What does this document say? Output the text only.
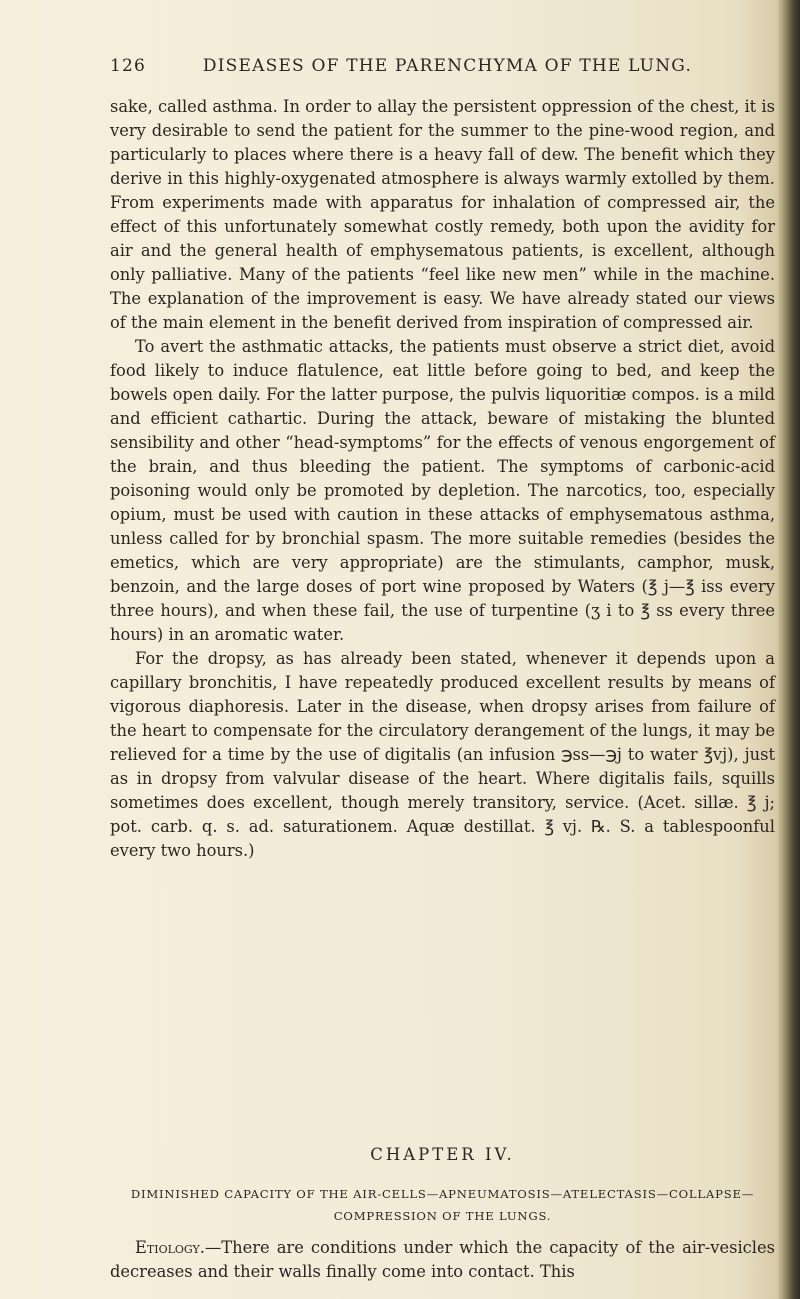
126	DISEASES OF THE PARENCHYMA OF THE LUNG.

sake, called asthma. In order to allay the persistent oppression of the chest, it is very desirable to send the patient for the summer to the pine-wood region, and particularly to places where there is a heavy fall of dew. The benefit which they derive in this highly-oxygenated atmosphere is always warmly extolled by them. From experiments made with apparatus for inhalation of compressed air, the effect of this unfortunately somewhat costly remedy, both upon the avidity for air and the general health of emphysematous patients, is excellent, although only palliative. Many of the patients “feel like new men” while in the machine. The explanation of the improvement is easy. We have already stated our views of the main element in the benefit derived from inspiration of compressed air.

To avert the asthmatic attacks, the patients must observe a strict diet, avoid food likely to induce flatulence, eat little before going to bed, and keep the bowels open daily. For the latter purpose, the pulvis liquoritiæ compos. is a mild and efficient cathartic. During the attack, beware of mistaking the blunted sensibility and other “head-symptoms” for the effects of venous engorgement of the brain, and thus bleeding the patient. The symptoms of carbonic-acid poisoning would only be promoted by depletion. The narcotics, too, especially opium, must be used with caution in these attacks of emphysematous asthma, unless called for by bronchial spasm. The more suitable remedies (besides the emetics, which are very appropriate) are the stimulants, camphor, musk, benzoin, and the large doses of port wine proposed by Waters (℥ j—℥ iss every three hours), and when these fail, the use of turpentine (ʒ i to ℥ ss every three hours) in an aromatic water.

For the dropsy, as has already been stated, whenever it depends upon a capillary bronchitis, I have repeatedly produced excellent results by means of vigorous diaphoresis. Later in the disease, when dropsy arises from failure of the heart to compensate for the circulatory derangement of the lungs, it may be relieved for a time by the use of digitalis (an infusion ℈ss—℈j to water ℥vj), just as in dropsy from valvular disease of the heart. Where digitalis fails, squills sometimes does excellent, though merely transitory, service. (Acet. sillæ. ℥ j; pot. carb. q. s. ad. saturationem. Aquæ destillat. ℥ vj. ℞. S. a tablespoonful every two hours.)

CHAPTER IV.
DIMINISHED CAPACITY OF THE AIR-CELLS—APNEUMATOSIS—ATELECTASIS—COLLAPSE—COMPRESSION OF THE LUNGS.
Etiology.—There are conditions under which the capacity of the air-vesicles decreases and their walls finally come into contact. This
